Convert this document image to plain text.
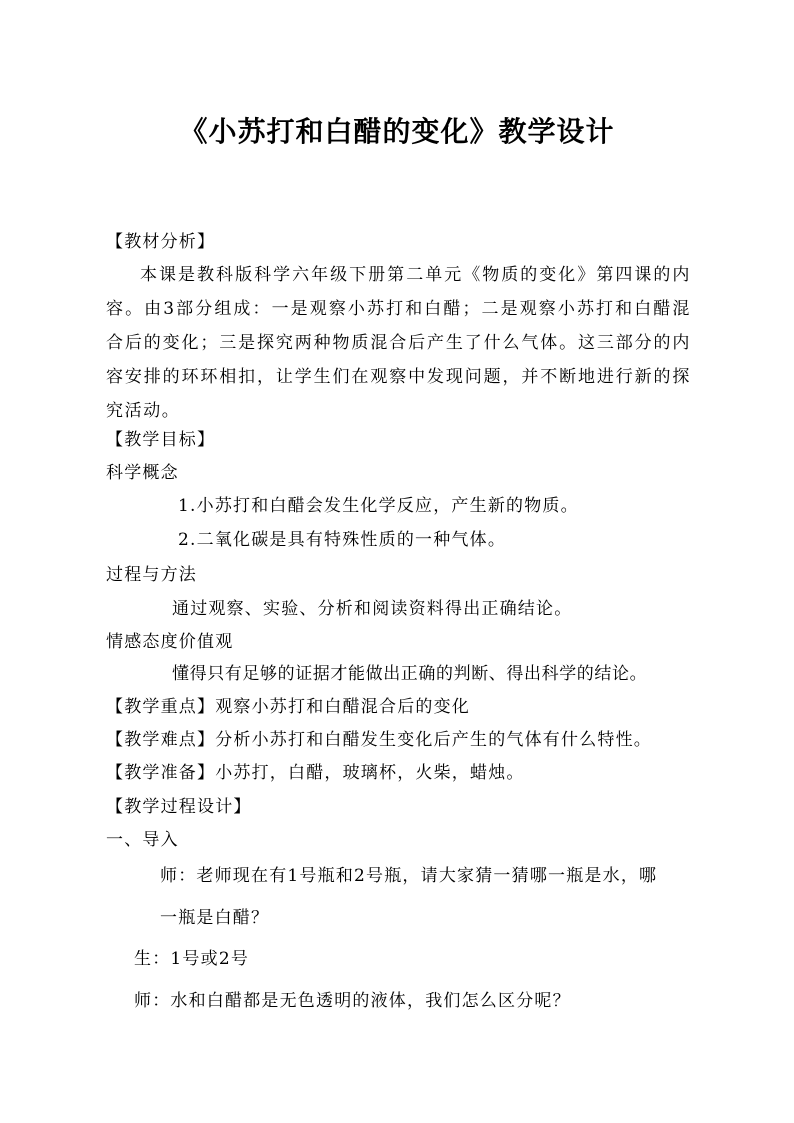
《小苏打和白醋的变化》教学设计
【教材分析】
本课是教科版科学六年级下册第二单元《物质的变化》第四课的内容。由3部分组成：一是观察小苏打和白醋；二是观察小苏打和白醋混合后的变化；三是探究两种物质混合后产生了什么气体。这三部分的内容安排的环环相扣，让学生们在观察中发现问题，并不断地进行新的探究活动。
【教学目标】
科学概念
1.小苏打和白醋会发生化学反应，产生新的物质。
2.二氧化碳是具有特殊性质的一种气体。
过程与方法
通过观察、实验、分析和阅读资料得出正确结论。
情感态度价值观
懂得只有足够的证据才能做出正确的判断、得出科学的结论。
【教学重点】观察小苏打和白醋混合后的变化
【教学难点】分析小苏打和白醋发生变化后产生的气体有什么特性。
【教学准备】小苏打，白醋，玻璃杯，火柴，蜡烛。
【教学过程设计】
一、导入
师：老师现在有1号瓶和2号瓶，请大家猜一猜哪一瓶是水，哪
一瓶是白醋？
生：1号或2号
师：水和白醋都是无色透明的液体，我们怎么区分呢？
